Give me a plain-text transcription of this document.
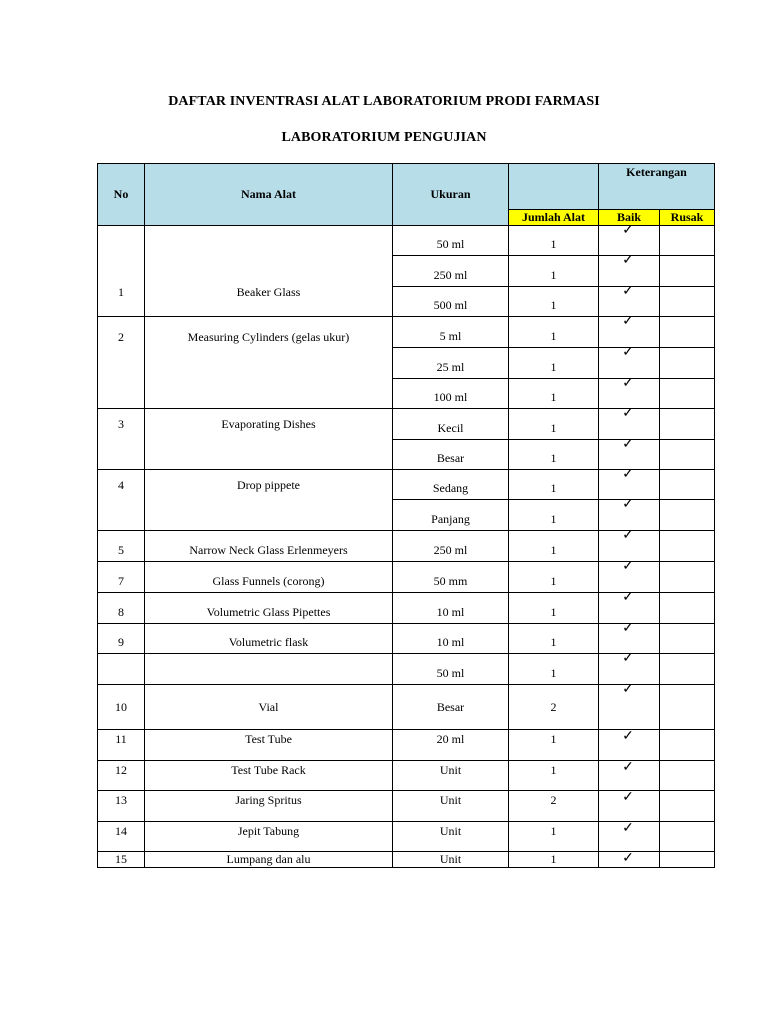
DAFTAR INVENTRASI ALAT LABORATORIUM PRODI FARMASI
LABORATORIUM PENGUJIAN
No	Nama Alat	Ukuran		Keterangan	
			Jumlah Alat	Baik	Rusak
1	Beaker Glass	50 ml	1	✓	

		250 ml	1	✓	

		500 ml	1	✓	

2	Measuring Cylinders (gelas ukur)	5 ml	1	✓	

		25 ml	1	✓	

		100 ml	1	✓	

3	Evaporating Dishes	Kecil	1	✓	

		Besar	1	✓	

4	Drop pippete	Sedang	1	✓	

		Panjang	1	✓	

5	Narrow Neck Glass Erlenmeyers	250 ml	1	✓	

7	Glass Funnels (corong)	50 mm	1	✓	

8	Volumetric Glass Pipettes	10 ml	1	✓	

9	Volumetric flask	10 ml	1	✓	

		50 ml	1	✓	

10	Vial	Besar	2	✓	

11	Test Tube	20 ml	1	✓	

12	Test Tube Rack	Unit	1	✓	

13	Jaring Spritus	Unit	2	✓	

14	Jepit Tabung	Unit	1	✓	

15	Lumpang dan alu	Unit	1	✓	
